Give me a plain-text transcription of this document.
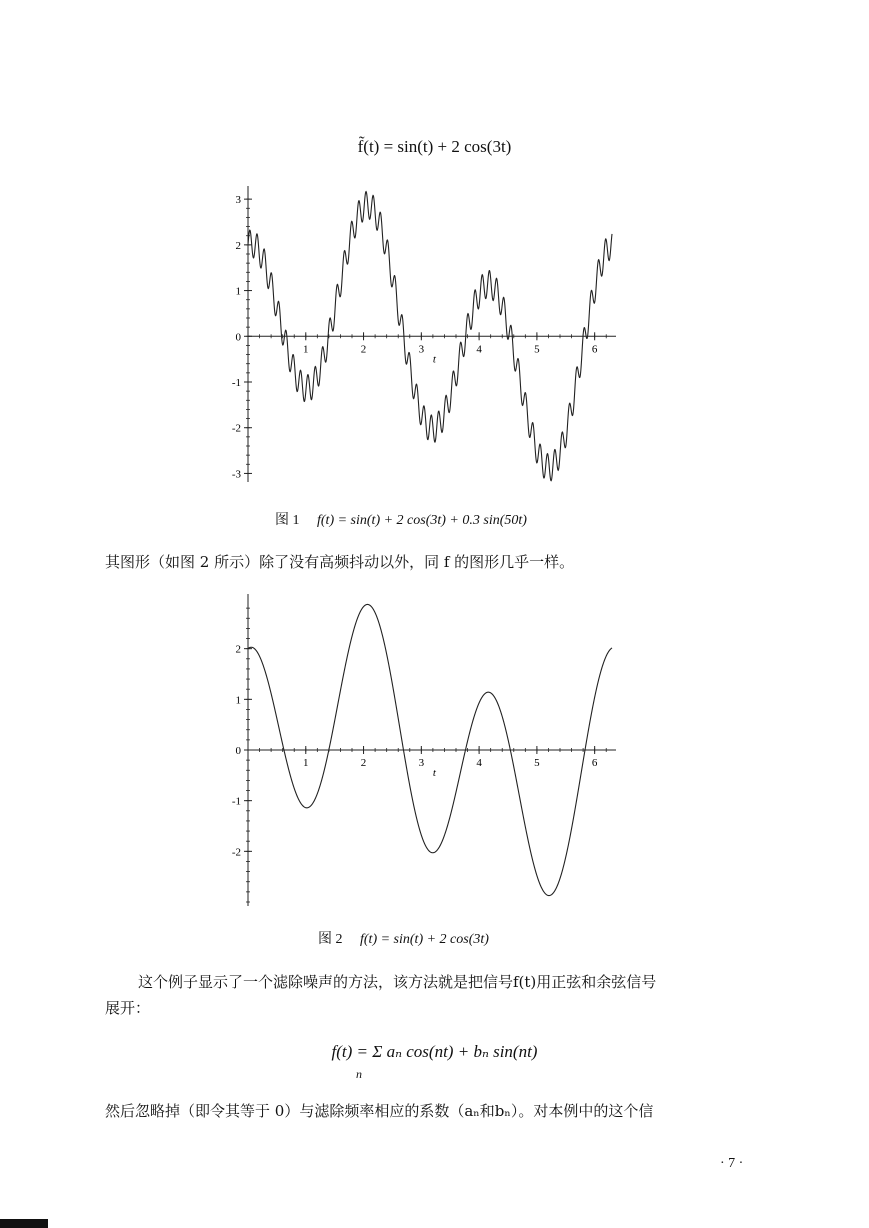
f̃(t) = sin(t) + 2 cos(3t)
1	2	3	4	5	6
3
2
1
0
-1
-2
-3
t
图 1 f(t) = sin(t) + 2 cos(3t) + 0.3 sin(50t)
其图形（如图 2 所示）除了没有高频抖动以外，同 f 的图形几乎一样。
1	2	3	4	5	6
2
1
0
-1
-2
t
图 2 f(t) = sin(t) + 2 cos(3t)
这个例子显示了一个滤除噪声的方法，该方法就是把信号f(t)用正弦和余弦信号
展开：
f(t) = Σ aₙ cos(nt) + bₙ sin(nt)
n
然后忽略掉（即令其等于 0）与滤除频率相应的系数（aₙ和bₙ）。对本例中的这个信
· 7 ·
